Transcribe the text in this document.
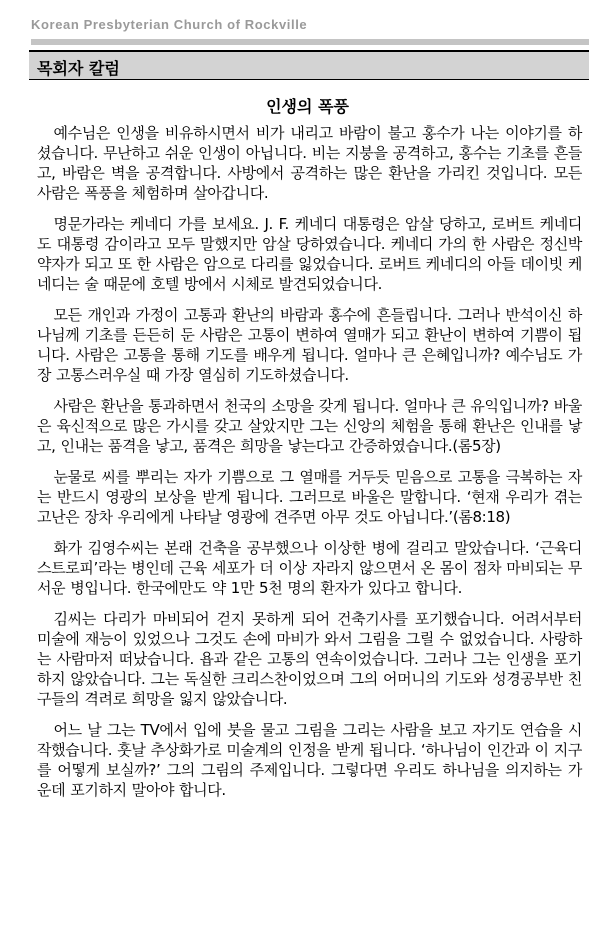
Korean Presbyterian Church of Rockville
목회자 칼럼
인생의 폭풍

예수님은 인생을 비유하시면서 비가 내리고 바람이 불고 홍수가 나는 이야기를 하셨습니다. 무난하고 쉬운 인생이 아닙니다. 비는 지붕을 공격하고, 홍수는 기초를 흔들고, 바람은 벽을 공격합니다. 사방에서 공격하는 많은 환난을 가리킨 것입니다. 모든 사람은 폭풍을 체험하며 살아갑니다.

명문가라는 케네디 가를 보세요. J. F. 케네디 대통령은 암살 당하고, 로버트 케네디도 대통령 감이라고 모두 말했지만 암살 당하였습니다. 케네디 가의 한 사람은 정신박약자가 되고 또 한 사람은 암으로 다리를 잃었습니다. 로버트 케네디의 아들 데이빗 케네디는 술 때문에 호텔 방에서 시체로 발견되었습니다.

모든 개인과 가정이 고통과 환난의 바람과 홍수에 흔들립니다. 그러나 반석이신 하나님께 기초를 든든히 둔 사람은 고통이 변하여 열매가 되고 환난이 변하여 기쁨이 됩니다. 사람은 고통을 통해 기도를 배우게 됩니다. 얼마나 큰 은혜입니까? 예수님도 가장 고통스러우실 때 가장 열심히 기도하셨습니다.

사람은 환난을 통과하면서 천국의 소망을 갖게 됩니다. 얼마나 큰 유익입니까? 바울은 육신적으로 많은 가시를 갖고 살았지만 그는 신앙의 체험을 통해 환난은 인내를 낳고, 인내는 품격을 낳고, 품격은 희망을 낳는다고 간증하였습니다.(롬5장)

눈물로 씨를 뿌리는 자가 기쁨으로 그 열매를 거두듯 믿음으로 고통을 극복하는 자는 반드시 영광의 보상을 받게 됩니다. 그러므로 바울은 말합니다. ‘현재 우리가 겪는 고난은 장차 우리에게 나타날 영광에 견주면 아무 것도 아닙니다.’(롬8:18)

화가 김영수씨는 본래 건축을 공부했으나 이상한 병에 걸리고 말았습니다. ‘근육디스트로피’라는 병인데 근육 세포가 더 이상 자라지 않으면서 온 몸이 점차 마비되는 무서운 병입니다. 한국에만도 약 1만 5천 명의 환자가 있다고 합니다.

김씨는 다리가 마비되어 걷지 못하게 되어 건축기사를 포기했습니다. 어려서부터 미술에 재능이 있었으나 그것도 손에 마비가 와서 그림을 그릴 수 없었습니다. 사랑하는 사람마저 떠났습니다. 욥과 같은 고통의 연속이었습니다. 그러나 그는 인생을 포기하지 않았습니다. 그는 독실한 크리스찬이었으며 그의 어머니의 기도와 성경공부반 친구들의 격려로 희망을 잃지 않았습니다.

어느 날 그는 TV에서 입에 붓을 물고 그림을 그리는 사람을 보고 자기도 연습을 시작했습니다. 훗날 추상화가로 미술계의 인정을 받게 됩니다. ‘하나님이 인간과 이 지구를 어떻게 보실까?’ 그의 그림의 주제입니다. 그렇다면 우리도 하나님을 의지하는 가운데 포기하지 말아야 합니다.
